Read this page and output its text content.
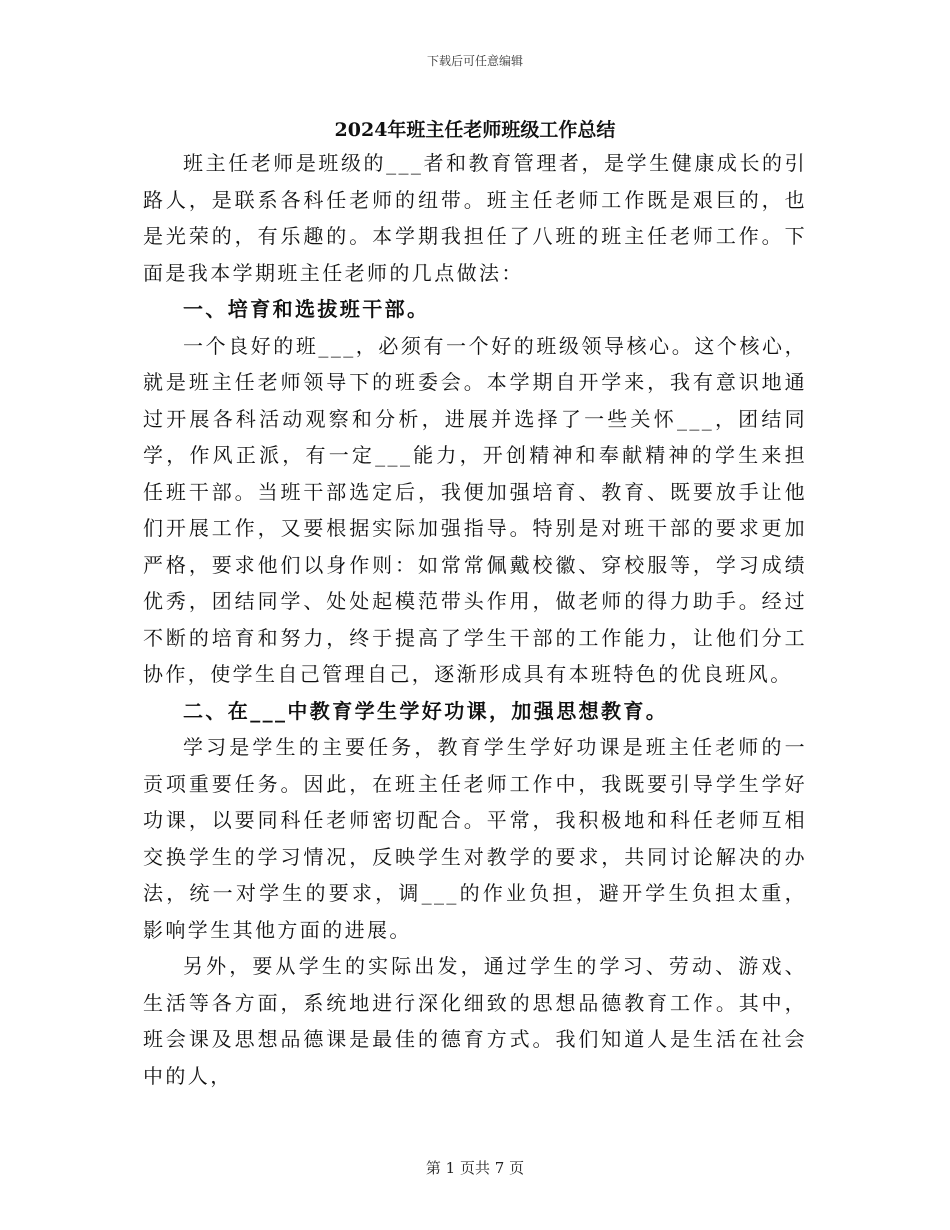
下载后可任意编辑
2024年班主任老师班级工作总结

班主任老师是班级的___者和教育管理者，是学生健康成长的引路人，是联系各科任老师的纽带。班主任老师工作既是艰巨的，也是光荣的，有乐趣的。本学期我担任了八班的班主任老师工作。下面是我本学期班主任老师的几点做法：

一、培育和选拔班干部。

一个良好的班___，必须有一个好的班级领导核心。这个核心，就是班主任老师领导下的班委会。本学期自开学来，我有意识地通过开展各科活动观察和分析，进展并选择了一些关怀___，团结同学，作风正派，有一定___能力，开创精神和奉献精神的学生来担任班干部。当班干部选定后，我便加强培育、教育、既要放手让他们开展工作，又要根据实际加强指导。特别是对班干部的要求更加严格，要求他们以身作则：如常常佩戴校徽、穿校服等，学习成绩优秀，团结同学、处处起模范带头作用，做老师的得力助手。经过不断的培育和努力，终于提高了学生干部的工作能力，让他们分工协作，使学生自己管理自己，逐渐形成具有本班特色的优良班风。

二、在___中教育学生学好功课，加强思想教育。

学习是学生的主要任务，教育学生学好功课是班主任老师的一贡项重要任务。因此，在班主任老师工作中，我既要引导学生学好功课，以要同科任老师密切配合。平常，我积极地和科任老师互相交换学生的学习情况，反映学生对教学的要求，共同讨论解决的办法，统一对学生的要求，调___的作业负担，避开学生负担太重，影响学生其他方面的进展。

另外，要从学生的实际出发，通过学生的学习、劳动、游戏、生活等各方面，系统地进行深化细致的思想品德教育工作。其中，班会课及思想品德课是最佳的德育方式。我们知道人是生活在社会中的人，

第 1 页共 7 页
